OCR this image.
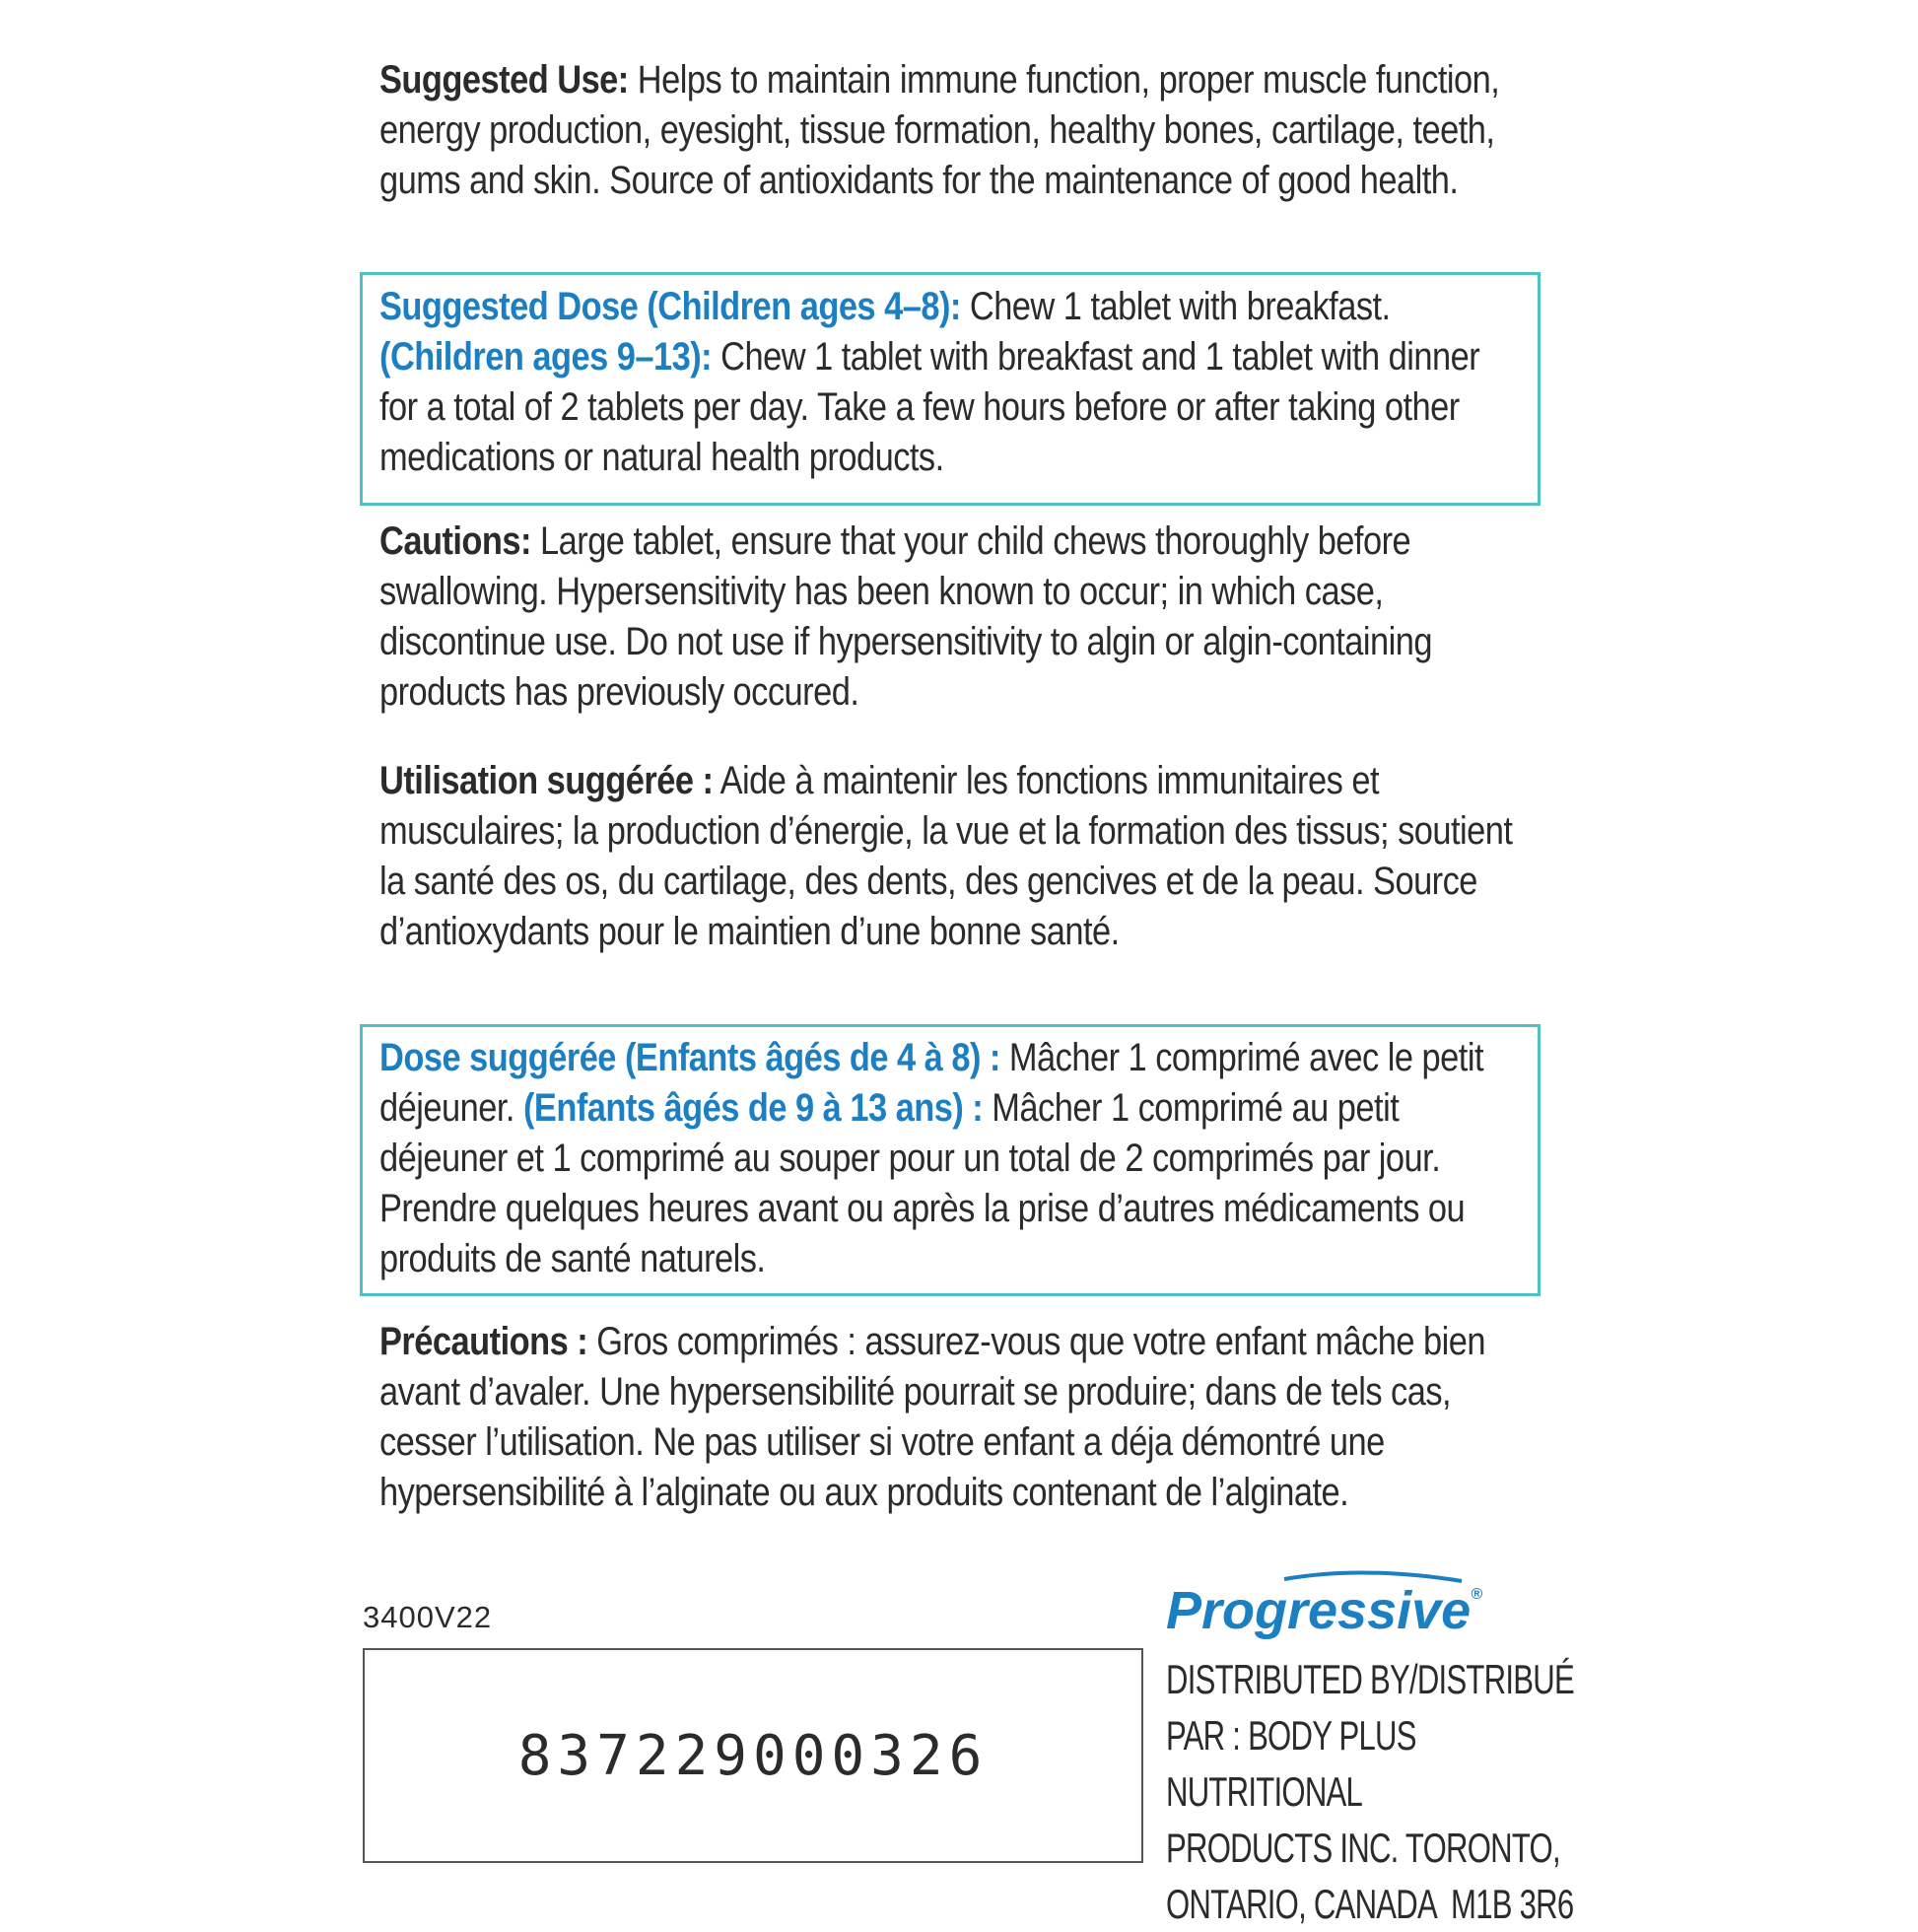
Suggested Use: Helps to maintain immune function, proper muscle function, energy production, eyesight, tissue formation, healthy bones, cartilage, teeth, gums and skin. Source of antioxidants for the maintenance of good health.
Suggested Dose (Children ages 4–8): Chew 1 tablet with breakfast. (Children ages 9–13): Chew 1 tablet with breakfast and 1 tablet with dinner for a total of 2 tablets per day. Take a few hours before or after taking other medications or natural health products.
Cautions: Large tablet, ensure that your child chews thoroughly before swallowing. Hypersensitivity has been known to occur; in which case, discontinue use. Do not use if hypersensitivity to algin or algin-containing products has previously occured.
Utilisation suggérée : Aide à maintenir les fonctions immunitaires et musculaires; la production d’énergie, la vue et la formation des tissus; soutient la santé des os, du cartilage, des dents, des gencives et de la peau. Source d’antioxydants pour le maintien d’une bonne santé.
Dose suggérée (Enfants âgés de 4 à 8) : Mâcher 1 comprimé avec le petit déjeuner. (Enfants âgés de 9 à 13 ans) : Mâcher 1 comprimé au petit déjeuner et 1 comprimé au souper pour un total de 2 comprimés par jour. Prendre quelques heures avant ou après la prise d’autres médicaments ou produits de santé naturels.
Précautions : Gros comprimés : assurez-vous que votre enfant mâche bien avant d’avaler. Une hypersensibilité pourrait se produire; dans de tels cas, cesser l’utilisation. Ne pas utiliser si votre enfant a déja démontré une hypersensibilité à l’alginate ou aux produits contenant de l’alginate.
3400V22
837229000326
Progressive®
DISTRIBUTED BY/DISTRIBUÉ
PAR : BODY PLUS NUTRITIONAL
PRODUCTS INC. TORONTO,
ONTARIO, CANADA  M1B 3R6
